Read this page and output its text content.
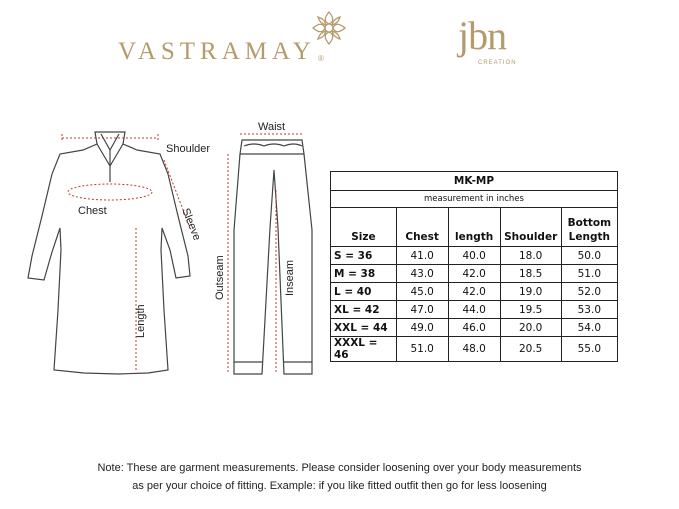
VASTRAMAY ®
jbn
CREATION
Shoulder
Chest	Sleeve
Length
Waist
Outseam	Inseam
MK-MP				
measurement in inches				
Size	Chest	length	Shoulder	Bottom
Length
S = 36	41.0	40.0	18.0	50.0
M = 38	43.0	42.0	18.5	51.0
L = 40	45.0	42.0	19.0	52.0
XL = 42	47.0	44.0	19.5	53.0
XXL = 44	49.0	46.0	20.0	54.0
XXXL = 46	51.0	48.0	20.5	55.0
Note: These are garment measurements. Please consider loosening over your body measurements
as per your choice of fitting. Example: if you like fitted outfit then go for less loosening
